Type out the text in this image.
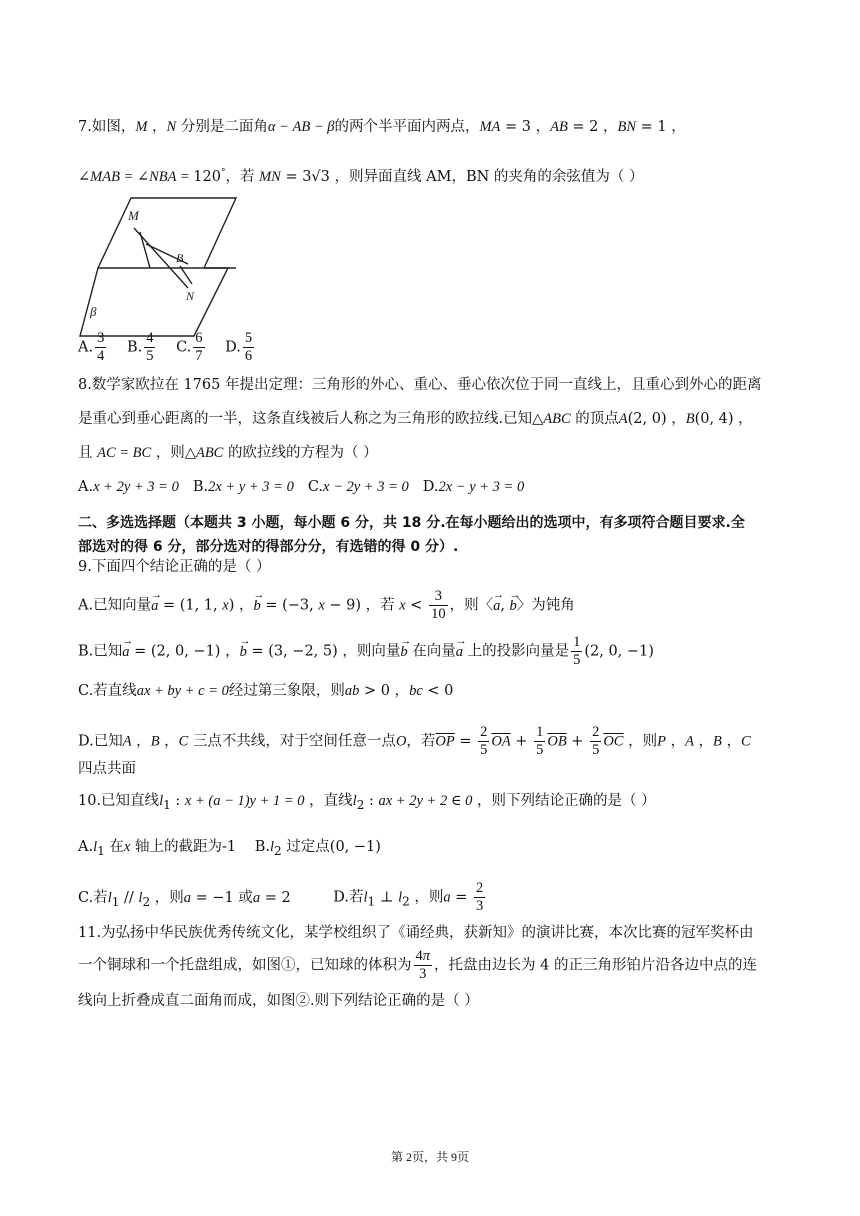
7.如图，M ，N 分别是二面角α − AB − β的两个半平面内两点，MA = 3 ，AB = 2 ，BN = 1 ，
∠MAB = ∠NBA = 120°，若 MN = 3√3 ，则异面直线 AM，BN 的夹角的余弦值为（ ）
M
B
N
β
A. $\frac{3}{4} B$. $\frac{4}{5} C$. $\frac{6}{7} D$. $\frac{5}{6}$
8.数学家欧拉在 1765 年提出定理：三角形的外心、重心、垂心依次位于同一直线上，且重心到外心的距离
是重心到垂心距离的一半，这条直线被后人称之为三角形的欧拉线.已知△ABC 的顶点A(2, 0) ，B(0, 4) ，
且 AC = BC ，则△ABC 的欧拉线的方程为（ ）
A.x + 2y + 3 = 0 B.2x + y + 3 = 0 C.x − 2y + 3 = 0 D.2x − y + 3 = 0
二、多选选择题（本题共 3 小题，每小题 6 分，共 18 分.在每小题给出的选项中，有多项符合题目要求.全
部选对的得 6 分，部分选对的得部分分，有选错的得 0 分）.
9.下面四个结论正确的是（ ）
A.已知向量→ a = (1, 1, x) ，→ b = (−3, x − 9) ，若 $x < \frac{3}{10}$ ，则〈→ a, → b〉为钝角
B.已知→ a = (2, 0, −1) ，→ b = (3, −2, 5) ，则向量→ b 在向量→ a 上的投影向量是 $\frac{1}{5} (2$, 0, −1)
C.若直线ax + by + c = 0经过第三象限，则ab > 0 ，bc < 0
D.已知A ，B ，C 三点不共线，对于空间任意一点O，若$\overline{OP} = \frac{2}{5} \overline{OA} + \frac{1}{5} \overline{OB} + \frac{2}{5} \overline{OC}$ ，则P ，A ，B ，C
四点共面
10.已知直线$l_1$ : x + (a − 1)y + 1 = 0 ，直线$l_2$ : ax + 2y + 2 ∈ 0 ，则下列结论正确的是（ ）
$A.l_1$ 在x 轴上的截距为-1 $B.l_2$ 过定点(0, −1)
C.若$l_1 // l_2$ ，则a = −1 或a = 2	D.若$l_1$ ⊥ $l_2$ ，则$a = \frac{2}{3}$
11.为弘扬中华民族优秀传统文化，某学校组织了《诵经典，获新知》的演讲比赛，本次比赛的冠军奖杯由
一个铜球和一个托盘组成，如图①，已知球的体积为 $\frac{4\pi}{3}$ ，托盘由边长为 4 的正三角形铂片沿各边中点的连
线向上折叠成直二面角而成，如图②.则下列结论正确的是（ ）
第 2页，共 9页
